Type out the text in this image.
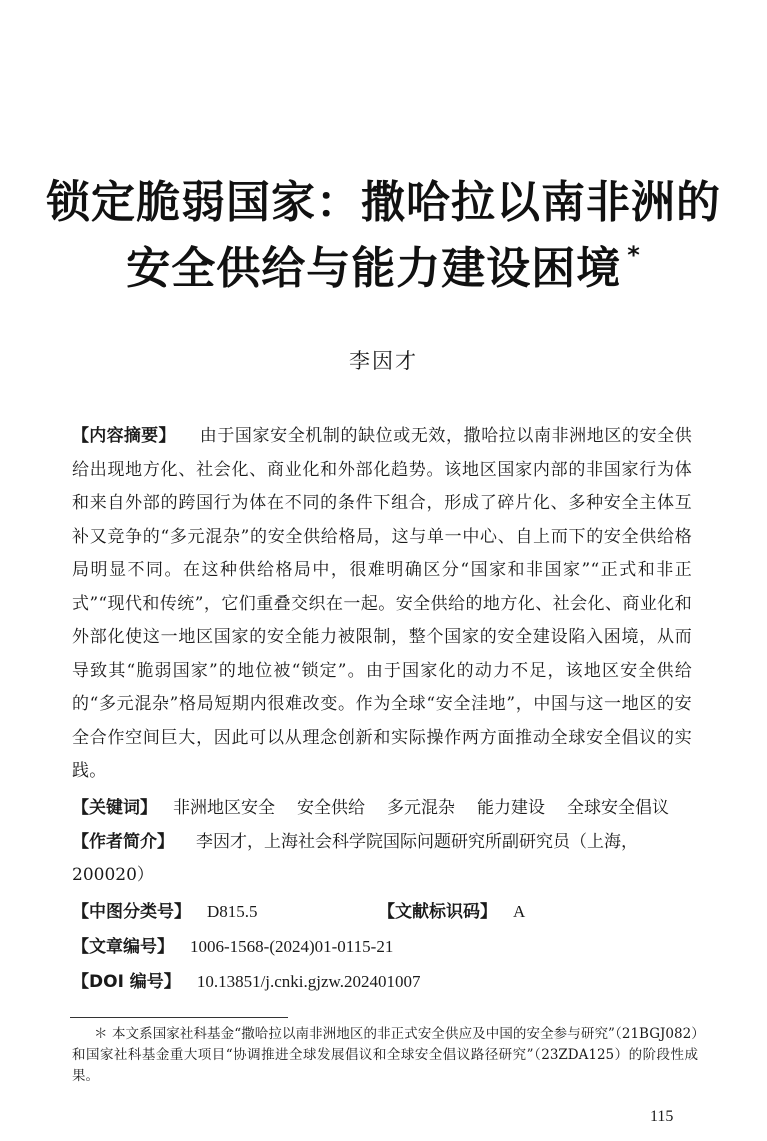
锁定脆弱国家：撒哈拉以南非洲的
安全供给与能力建设困境 *
李因才
【内容摘要】 由于国家安全机制的缺位或无效，撒哈拉以南非洲地区的安全供给出现地方化、社会化、商业化和外部化趋势。该地区国家内部的非国家行为体和来自外部的跨国行为体在不同的条件下组合，形成了碎片化、多种安全主体互补又竞争的“多元混杂”的安全供给格局，这与单一中心、自上而下的安全供给格局明显不同。在这种供给格局中，很难明确区分“国家和非国家”“正式和非正式”“现代和传统”，它们重叠交织在一起。安全供给的地方化、社会化、商业化和外部化使这一地区国家的安全能力被限制，整个国家的安全建设陷入困境，从而导致其“脆弱国家”的地位被“锁定”。由于国家化的动力不足，该地区安全供给的“多元混杂”格局短期内很难改变。作为全球“安全洼地”，中国与这一地区的安全合作空间巨大，因此可以从理念创新和实际操作两方面推动全球安全倡议的实践。
【关键词】 非洲地区安全 安全供给 多元混杂 能力建设 全球安全倡议
【作者简介】 李因才，上海社会科学院国际问题研究所副研究员（上海，200020）
【中图分类号】 D815.5	【文献标识码】 A
【文章编号】 1006-1568-(2024)01-0115-21
【DOI 编号】 10.13851/j.cnki.gjzw.202401007
＊ 本文系国家社科基金“撒哈拉以南非洲地区的非正式安全供应及中国的安全参与研究”（21BGJ082）和国家社科基金重大项目“协调推进全球发展倡议和全球安全倡议路径研究”（23ZDA125）的阶段性成果。
115
